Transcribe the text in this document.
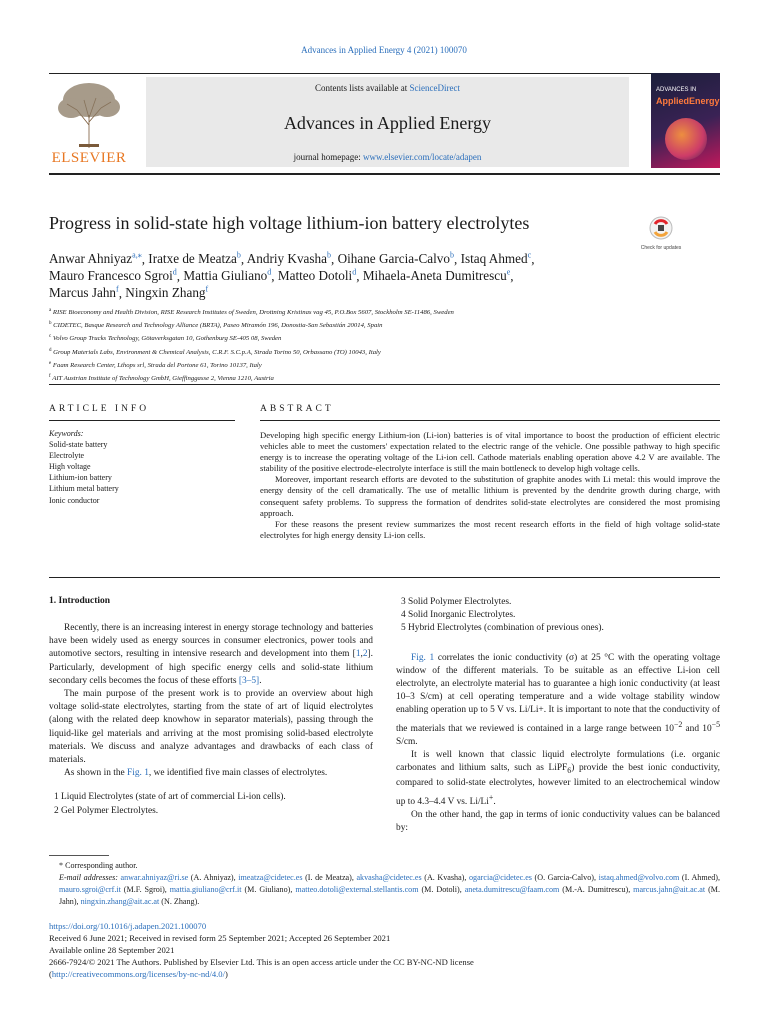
Advances in Applied Energy 4 (2021) 100070
ELSEVIER
Contents lists available at ScienceDirect
Advances in Applied Energy
journal homepage: www.elsevier.com/locate/adapen
ADVANCES IN
AppliedEnergy
Progress in solid-state high voltage lithium-ion battery electrolytes
Check for updates
Anwar Ahniyaz$^{a,⁎}$, Iratxe de Meatza$^b$, Andriy Kvasha$^b$, Oihane Garcia-Calvo$^b$, Istaq Ahmed$^c$,
Mauro Francesco Sgroi$^d$, Mattia Giuliano$^d$, Matteo Dotoli$^d$, Mihaela-Aneta Dumitrescu$^e$,
Marcus Jahn$^f$, Ningxin Zhang$^f$
$^a$ RISE Bioeconomy and Health Division, RISE Research Institutes of Sweden, Drottning Kristinas vag 45, P.O.Box 5607, Stockholm SE-11486, Sweden
$^b$ CIDETEC, Basque Research and Technology Alliance (BRTA), Paseo Miramón 196, Donostia-San Sebastián 20014, Spain
$^c$ Volvo Group Trucks Technology, Götaverksgatan 10, Gothenburg SE-405 08, Sweden
$^d$ Group Materials Labs, Environment & Chemical Analysis, C.R.F. S.C.p.A, Strada Torino 50, Orbassano (TO) 10043, Italy
$^e$ Faam Research Center, Lthops srl, Strada del Portone 61, Torino 10137, Italy
$^f$ AIT Austrian Institute of Technology GmbH, Gieffinggasse 2, Vienna 1210, Austria
ARTICLE INFO	ABSTRACT
Keywords:
Solid-state battery
Electrolyte
High voltage
Lithium-ion battery
Lithium metal battery
Ionic conductor

Developing high specific energy Lithium-ion (Li-ion) batteries is of vital importance to boost the production of efficient electric vehicles able to meet the customers' expectation related to the electric range of the vehicle. One possible pathway to high specific energy is to increase the operating voltage of the Li-ion cell. Cathode materials enabling operation above 4.2 V are available. The stability of the positive electrode-electrolyte interface is still the main bottleneck to develop high voltage cells.

Moreover, important research efforts are devoted to the substitution of graphite anodes with Li metal: this would improve the energy density of the cell dramatically. The use of metallic lithium is prevented by the dendrite growth during charge, with consequent safety problems. To suppress the formation of dendrites solid-state electrolytes are considered the most promising approach.

For these reasons the present review summarizes the most recent research efforts in the field of high voltage solid-state electrolytes for high energy density Li-ion cells.

1. Introduction

Recently, there is an increasing interest in energy storage technology and batteries have been widely used as energy sources in consumer electronics, power tools and automotive sectors, resulting in intensive research and development into them [1,2]. Particularly, development of high specific energy cells and solid-state lithium secondary cells becomes the focus of these efforts [3–5].

The main purpose of the present work is to provide an overview about high voltage solid-state electrolytes, starting from the state of art of liquid electrolytes (along with the related deep knowhow in separator materials), passing through the liquid-like gel materials and arriving at the most promising solid-based electrolyte materials. We discuss and analyze advantages and drawbacks of each class of materials.

As shown in the Fig. 1, we identified five main classes of electrolytes.

1 Liquid Electrolytes (state of art of commercial Li-ion cells).
2 Gel Polymer Electrolytes.
3 Solid Polymer Electrolytes.
4 Solid Inorganic Electrolytes.
5 Hybrid Electrolytes (combination of previous ones).

Fig. 1 correlates the ionic conductivity (σ) at 25 °C with the operating voltage window of the different materials. To be suitable as an effective Li-ion cell electrolyte, an electrolyte material has to guarantee a high ionic conductivity (at least 10–3 S/cm) at cell operating temperature and a wide voltage stability window enabling operation up to 5 V vs. Li/Li+. It is important to note that the conductivity of the materials that we reviewed is contained in a large range between $10^{-2}$ and $10^{-5}$ S/cm.

It is well known that classic liquid electrolyte formulations (i.e. organic carbonates and lithium salts, such as LiPF$_6$) provide the best ionic conductivity, compared to solid-state electrolytes, however limited to an electrochemical window up to 4.3–4.4 V vs. Li/Li+.

On the other hand, the gap in terms of ionic conductivity values can be balanced by:

* Corresponding author.
E-mail addresses: anwar.ahniyaz@ri.se (A. Ahniyaz), imeatza@cidetec.es (I. de Meatza), akvasha@cidetec.es (A. Kvasha), ogarcia@cidetec.es (O. Garcia-Calvo), istaq.ahmed@volvo.com (I. Ahmed), mauro.sgroi@crf.it (M.F. Sgroi), mattia.giuliano@crf.it (M. Giuliano), matteo.dotoli@external.stellantis.com (M. Dotoli), aneta.dumitrescu@faam.com (M.-A. Dumitrescu), marcus.jahn@ait.ac.at (M. Jahn), ningxin.zhang@ait.ac.at (N. Zhang).
https://doi.org/10.1016/j.adapen.2021.100070
Received 6 June 2021; Received in revised form 25 September 2021; Accepted 26 September 2021
Available online 28 September 2021
2666-7924/© 2021 The Authors. Published by Elsevier Ltd. This is an open access article under the CC BY-NC-ND license
(http://creativecommons.org/licenses/by-nc-nd/4.0/)
